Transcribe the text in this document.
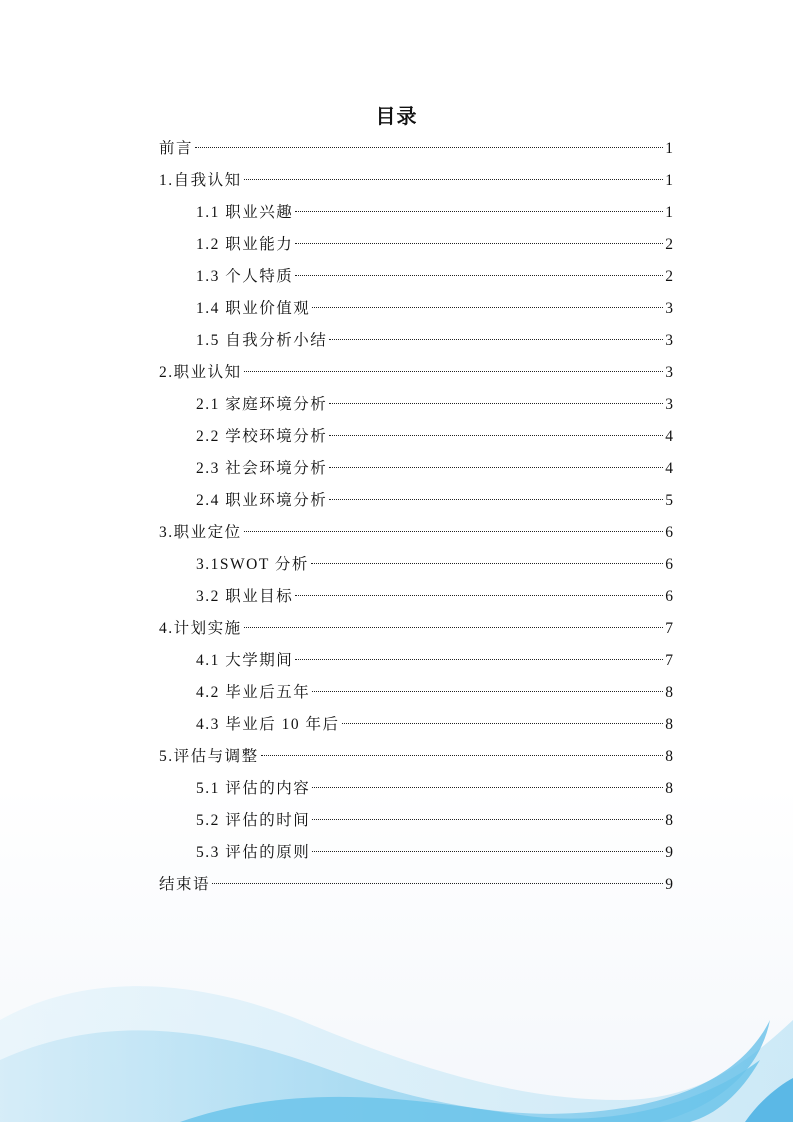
目录
前言	1
1.自我认知	1
1.1 职业兴趣	1
1.2 职业能力	2
1.3 个人特质	2
1.4 职业价值观	3
1.5 自我分析小结	3
2.职业认知	3
2.1 家庭环境分析	3
2.2 学校环境分析	4
2.3 社会环境分析	4
2.4 职业环境分析	5
3.职业定位	6
3.1SWOT 分析	6
3.2 职业目标	6
4.计划实施	7
4.1 大学期间	7
4.2 毕业后五年	8
4.3 毕业后 10 年后	8
5.评估与调整	8
5.1 评估的内容	8
5.2 评估的时间	8
5.3 评估的原则	9
结束语	9
